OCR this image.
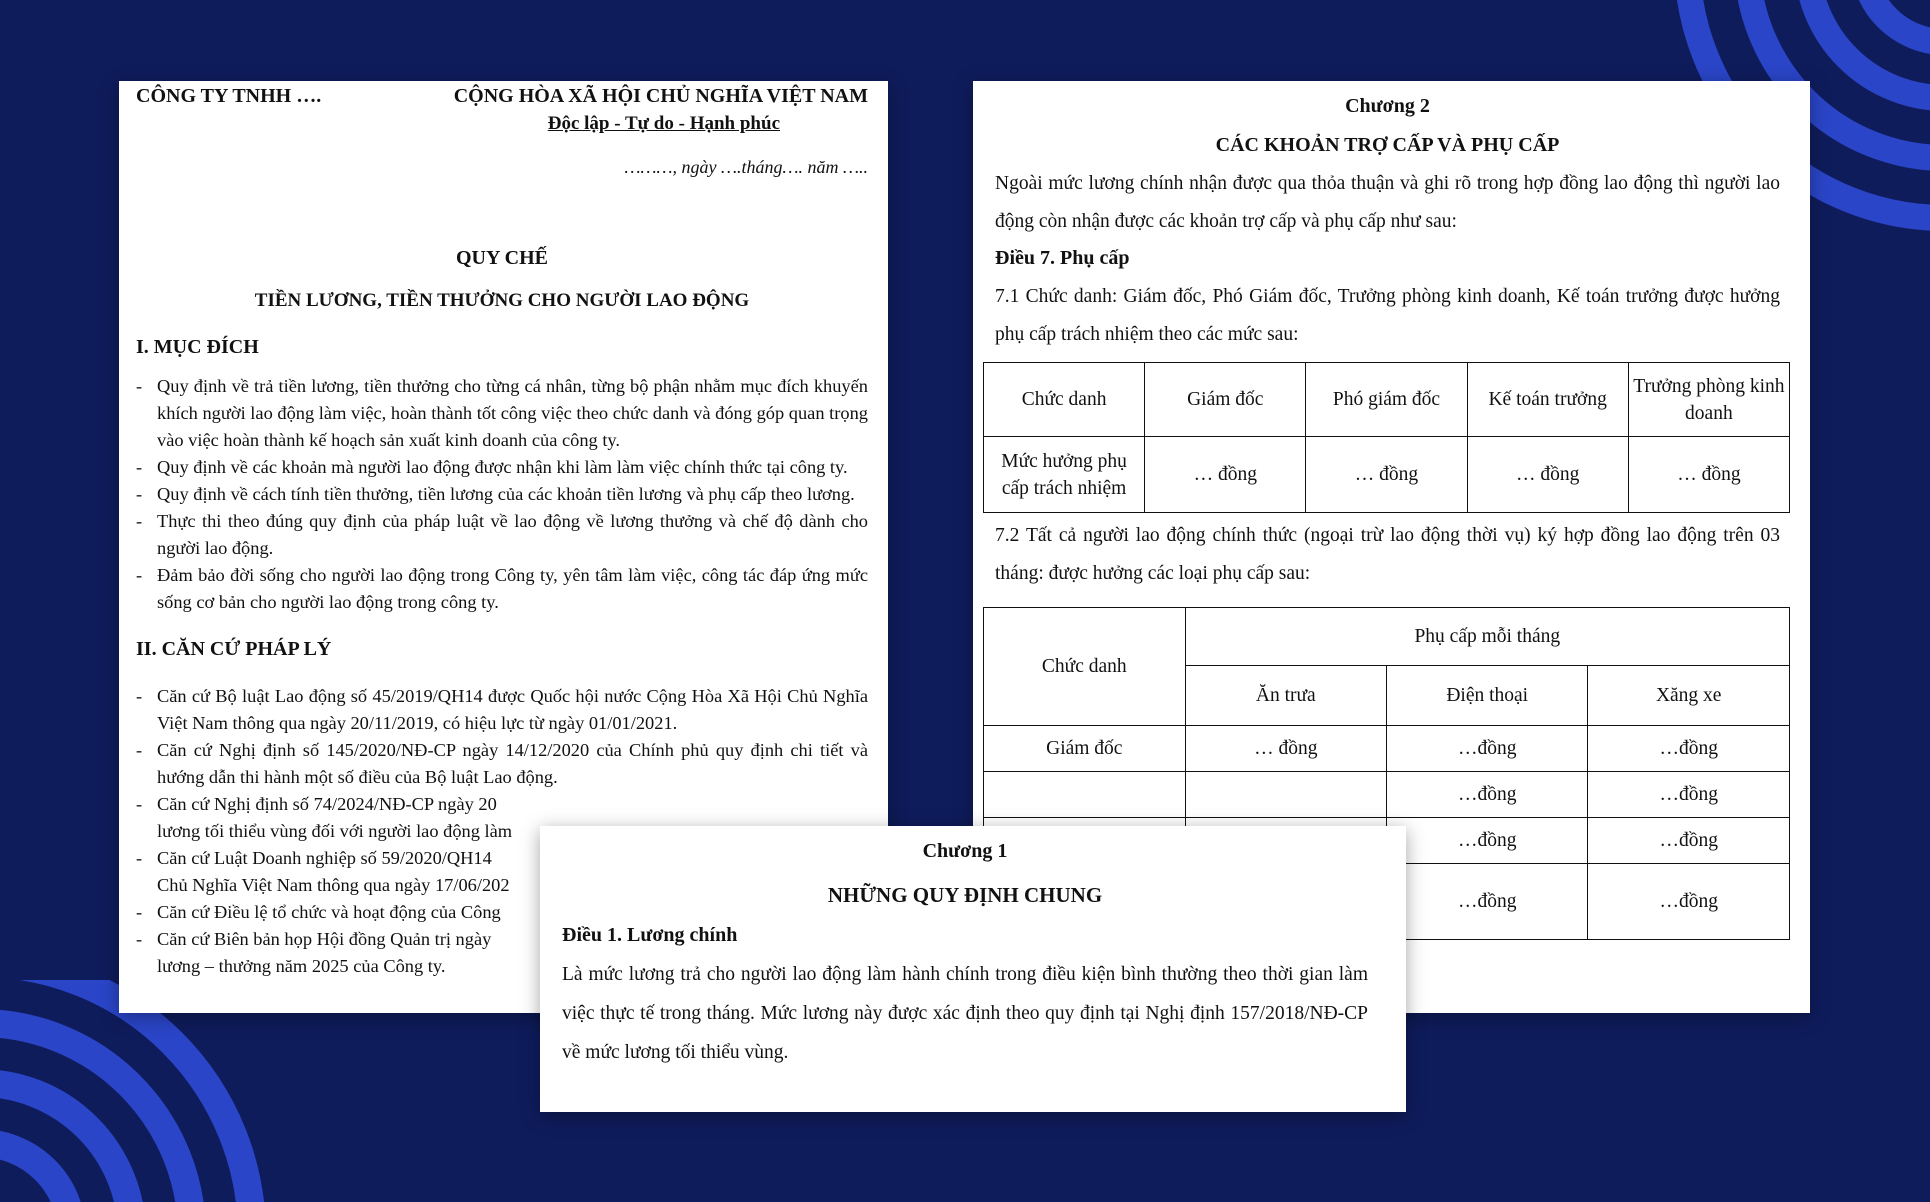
CÔNG TY TNHH ….	CỘNG HÒA XÃ HỘI CHỦ NGHĨA VIỆT NAM
Độc lập - Tự do - Hạnh phúc
………, ngày ….tháng…. năm …..
QUY CHẾ
TIỀN LƯƠNG, TIỀN THƯỞNG CHO NGƯỜI LAO ĐỘNG
I. MỤC ĐÍCH
- Quy định về trả tiền lương, tiền thưởng cho từng cá nhân, từng bộ phận nhằm mục đích khuyến khích người lao động làm việc, hoàn thành tốt công việc theo chức danh và đóng góp quan trọng vào việc hoàn thành kế hoạch sản xuất kinh doanh của công ty.
- Quy định về các khoản mà người lao động được nhận khi làm làm việc chính thức tại công ty.
- Quy định về cách tính tiền thưởng, tiền lương của các khoản tiền lương và phụ cấp theo lương.
- Thực thi theo đúng quy định của pháp luật về lao động về lương thưởng và chế độ dành cho người lao động.
- Đảm bảo đời sống cho người lao động trong Công ty, yên tâm làm việc, công tác đáp ứng mức sống cơ bản cho người lao động trong công ty.
II. CĂN CỨ PHÁP LÝ
- Căn cứ Bộ luật Lao động số 45/2019/QH14 được Quốc hội nước Cộng Hòa Xã Hội Chủ Nghĩa Việt Nam thông qua ngày 20/11/2019, có hiệu lực từ ngày 01/01/2021.
- Căn cứ Nghị định số 145/2020/NĐ-CP ngày 14/12/2020 của Chính phủ quy định chi tiết và hướng dẫn thi hành một số điều của Bộ luật Lao động.
- Căn cứ Nghị định số 74/2024/NĐ-CP ngày 20
lương tối thiểu vùng đối với người lao động làm
- Căn cứ Luật Doanh nghiệp số 59/2020/QH14
Chủ Nghĩa Việt Nam thông qua ngày 17/06/202
- Căn cứ Điều lệ tổ chức và hoạt động của Công
- Căn cứ Biên bản họp Hội đồng Quản trị ngày
lương – thưởng năm 2025 của Công ty.
Chương 2
CÁC KHOẢN TRỢ CẤP VÀ PHỤ CẤP
Ngoài mức lương chính nhận được qua thỏa thuận và ghi rõ trong hợp đồng lao động thì người lao động còn nhận được các khoản trợ cấp và phụ cấp như sau:
Điều 7. Phụ cấp
7.1 Chức danh: Giám đốc, Phó Giám đốc, Trưởng phòng kinh doanh, Kế toán trưởng được hưởng phụ cấp trách nhiệm theo các mức sau:
Chức danh	Giám đốc	Phó giám đốc	Kế toán trưởng	Trưởng phòng kinh doanh
Mức hưởng phụ cấp trách nhiệm	… đồng	… đồng	… đồng	… đồng
7.2 Tất cả người lao động chính thức (ngoại trừ lao động thời vụ) ký hợp đồng lao động trên 03 tháng: được hưởng các loại phụ cấp sau:
Chức danh	Phụ cấp mỗi tháng		
	Ăn trưa	Điện thoại	Xăng xe
Giám đốc	… đồng	…đồng	…đồng
		…đồng	…đồng
		…đồng	…đồng
		…đồng	…đồng
Chương 1
NHỮNG QUY ĐỊNH CHUNG
Điều 1. Lương chính
Là mức lương trả cho người lao động làm hành chính trong điều kiện bình thường theo thời gian làm việc thực tế trong tháng. Mức lương này được xác định theo quy định tại Nghị định 157/2018/NĐ-CP về mức lương tối thiểu vùng.
